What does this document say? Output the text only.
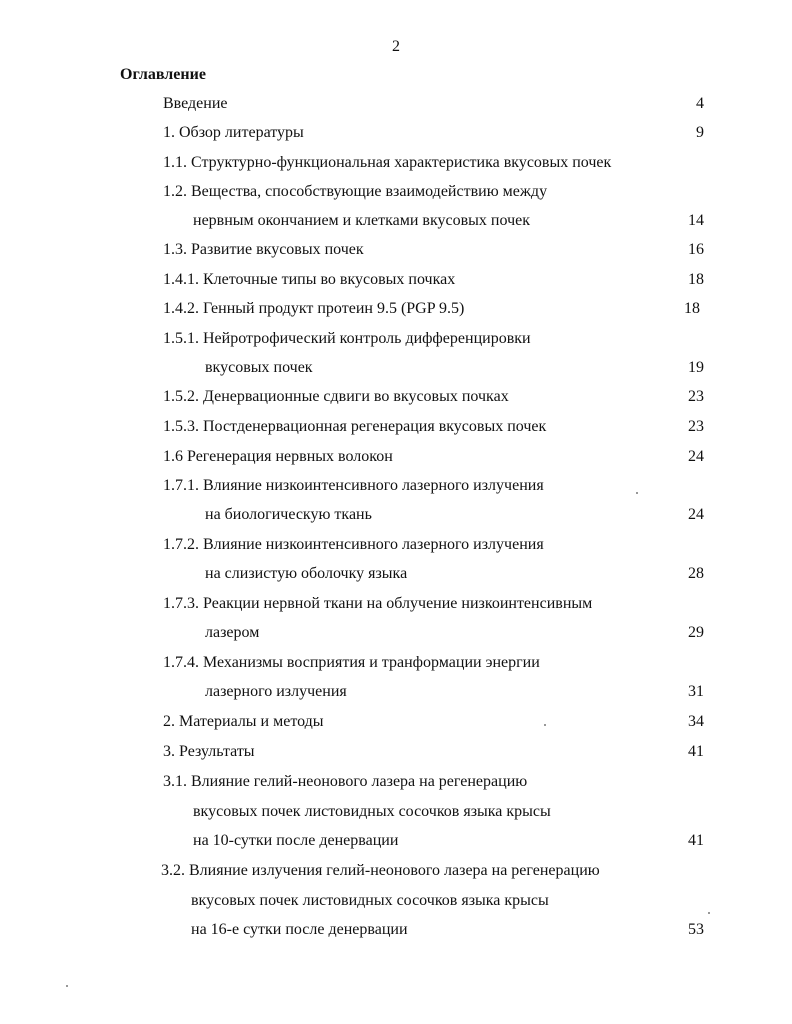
2
Оглавление
Введение	4
1. Обзор литературы	9
1.1. Структурно-функциональная характеристика вкусовых почек
1.2. Вещества, способствующие взаимодействию между
нервным окончанием и клетками вкусовых почек	14
1.3. Развитие вкусовых почек	16
1.4.1. Клеточные типы во вкусовых почках	18
1.4.2. Генный продукт протеин 9.5 (PGP 9.5)	18
1.5.1. Нейротрофический контроль дифференцировки
вкусовых почек	19
1.5.2. Денервационные сдвиги во вкусовых почках	23
1.5.3. Постденервационная регенерация вкусовых почек	23
1.6 Регенерация нервных волокон	24
1.7.1. Влияние низкоинтенсивного лазерного излучения
на биологическую ткань	24
1.7.2. Влияние низкоинтенсивного лазерного излучения
на слизистую оболочку языка	28
1.7.3. Реакции нервной ткани на облучение низкоинтенсивным
лазером	29
1.7.4. Механизмы восприятия и транформации энергии
лазерного излучения	31
2. Материалы и методы	34
3. Результаты	41
3.1. Влияние гелий-неонового лазера на регенерацию
вкусовых почек листовидных сосочков языка крысы
на 10-сутки после денервации	41
3.2. Влияние излучения гелий-неонового лазера на регенерацию
вкусовых почек листовидных сосочков языка крысы
на 16-е сутки после денервации	53
